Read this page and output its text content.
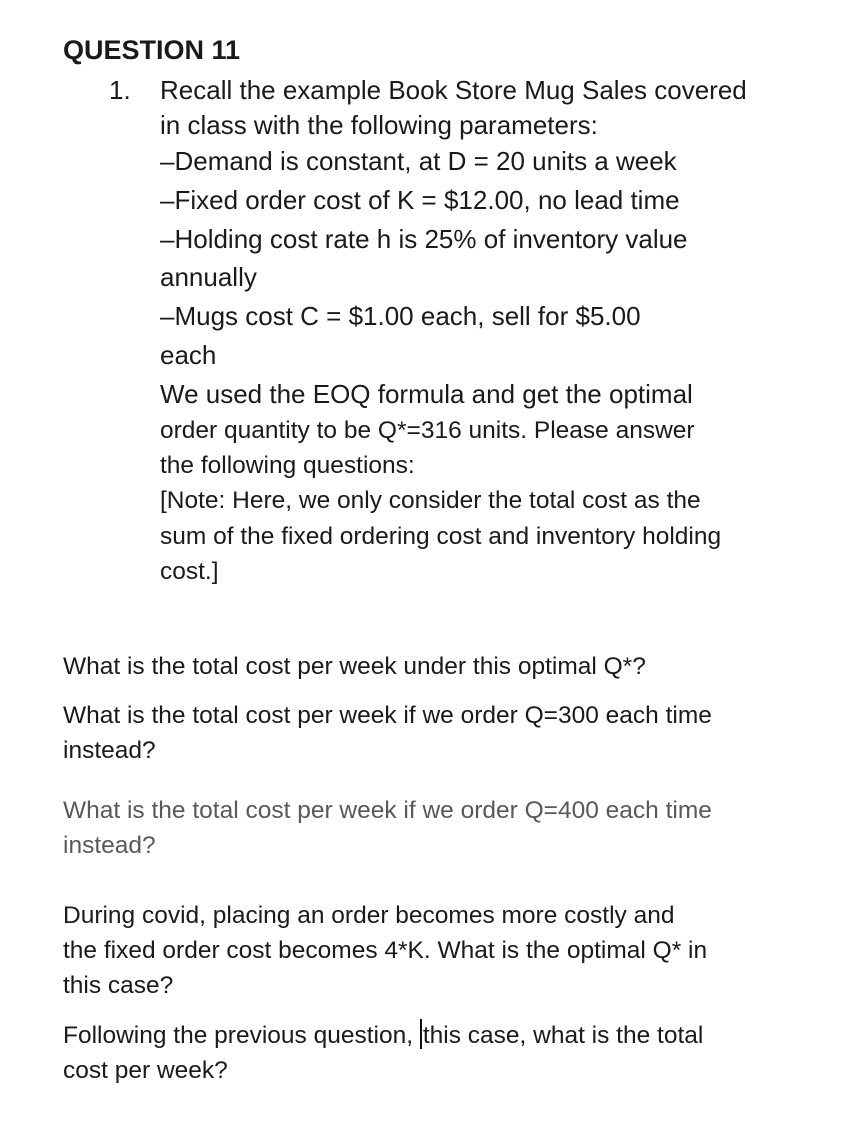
QUESTION 11
1. Recall the example Book Store Mug Sales covered
in class with the following parameters:
–Demand is constant, at D = 20 units a week
–Fixed order cost of K = $12.00, no lead time
–Holding cost rate h is 25% of inventory value
annually
–Mugs cost C = $1.00 each, sell for $5.00
each
We used the EOQ formula and get the optimal
order quantity to be Q*=316 units. Please answer
the following questions:
[Note: Here, we only consider the total cost as the
sum of the fixed ordering cost and inventory holding
cost.]
What is the total cost per week under this optimal Q*?
What is the total cost per week if we order Q=300 each time
instead?
What is the total cost per week if we order Q=400 each time
instead?
During covid, placing an order becomes more costly and
the fixed order cost becomes 4*K. What is the optimal Q* in
this case?
Following the previous question, this case, what is the total
cost per week?
